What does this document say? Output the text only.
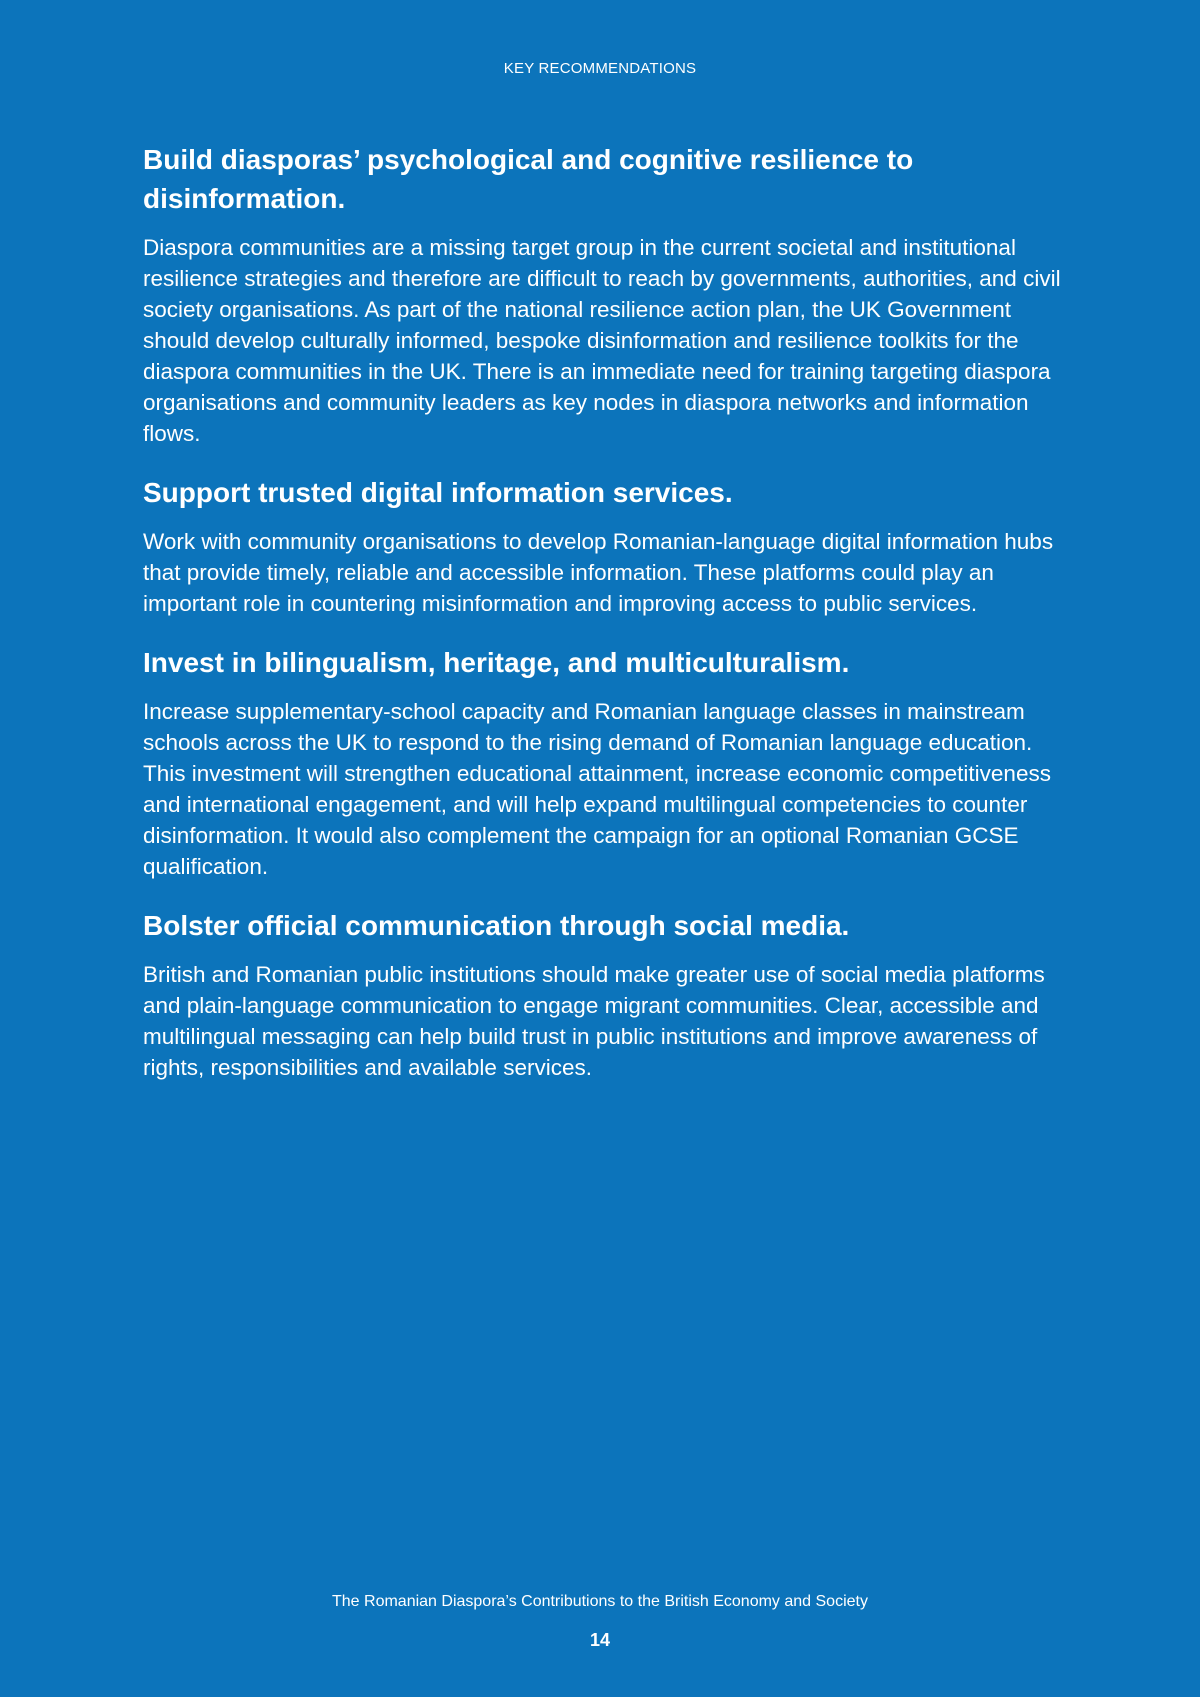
KEY RECOMMENDATIONS
Build diasporas’ psychological and cognitive resilience to disinformation.

Diaspora communities are a missing target group in the current societal and institutional resilience strategies and therefore are difficult to reach by governments, authorities, and civil society organisations. As part of the national resilience action plan, the UK Government should develop culturally informed, bespoke disinformation and resilience toolkits for the diaspora communities in the UK. There is an immediate need for training targeting diaspora organisations and community leaders as key nodes in diaspora networks and information flows.

Support trusted digital information services.

Work with community organisations to develop Romanian-language digital information hubs that provide timely, reliable and accessible information. These platforms could play an important role in countering misinformation and improving access to public services.

Invest in bilingualism, heritage, and multiculturalism.

Increase supplementary-school capacity and Romanian language classes in mainstream schools across the UK to respond to the rising demand of Romanian language education. This investment will strengthen educational attainment, increase economic competitiveness and international engagement, and will help expand multilingual competencies to counter disinformation. It would also complement the campaign for an optional Romanian GCSE qualification.

Bolster official communication through social media.

British and Romanian public institutions should make greater use of social media platforms and plain-language communication to engage migrant communities. Clear, accessible and multilingual messaging can help build trust in public institutions and improve awareness of rights, responsibilities and available services.

The Romanian Diaspora’s Contributions to the British Economy and Society
14
